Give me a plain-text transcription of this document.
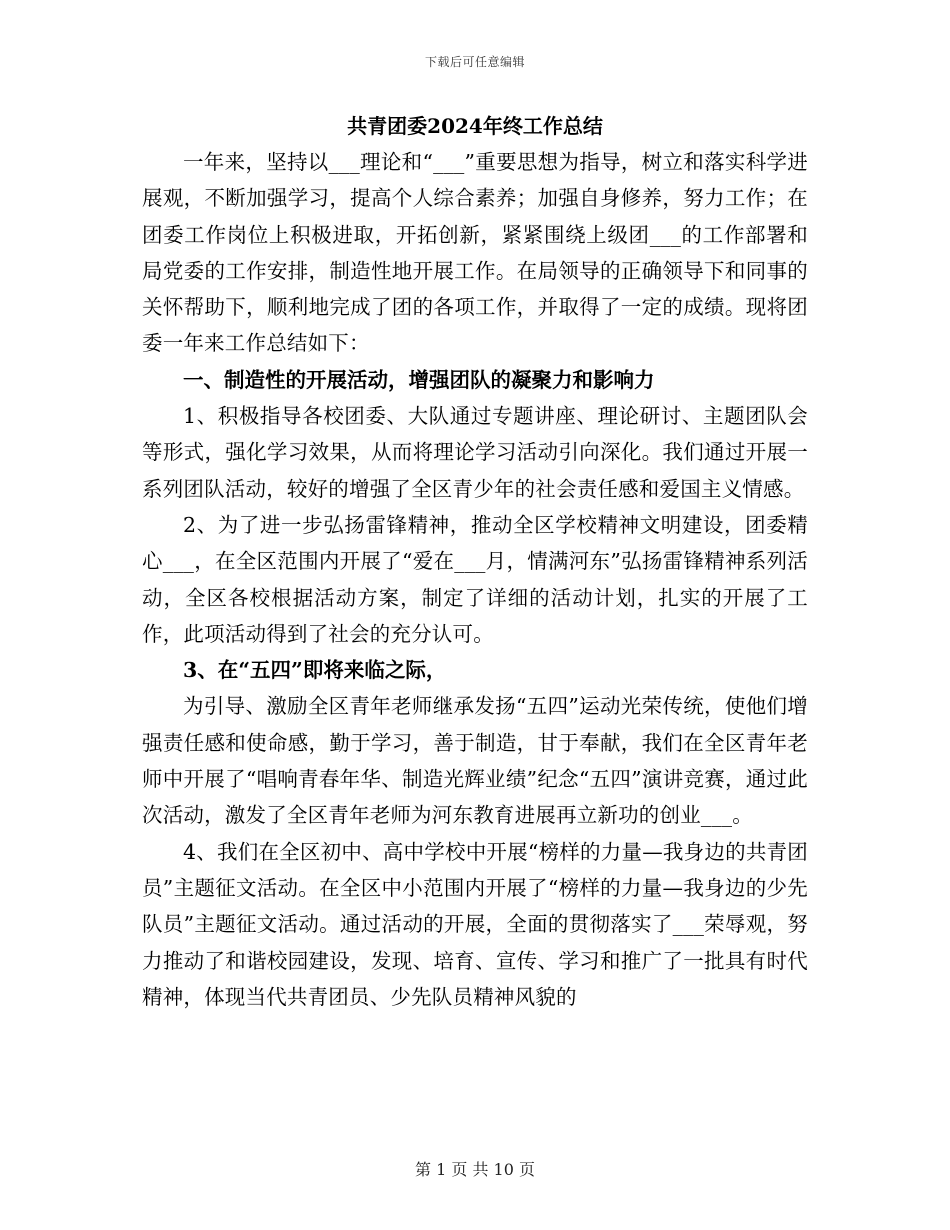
下载后可任意编辑
共青团委2024年终工作总结

一年来，坚持以___理论和“___”重要思想为指导，树立和落实科学进展观，不断加强学习，提高个人综合素养；加强自身修养，努力工作；在团委工作岗位上积极进取，开拓创新，紧紧围绕上级团___的工作部署和局党委的工作安排，制造性地开展工作。在局领导的正确领导下和同事的关怀帮助下，顺利地完成了团的各项工作，并取得了一定的成绩。现将团委一年来工作总结如下：

一、制造性的开展活动，增强团队的凝聚力和影响力

1、积极指导各校团委、大队通过专题讲座、理论研讨、主题团队会等形式，强化学习效果，从而将理论学习活动引向深化。我们通过开展一系列团队活动，较好的增强了全区青少年的社会责任感和爱国主义情感。

2、为了进一步弘扬雷锋精神，推动全区学校精神文明建设，团委精心___，在全区范围内开展了“爱在___月，情满河东”弘扬雷锋精神系列活动，全区各校根据活动方案，制定了详细的活动计划，扎实的开展了工作，此项活动得到了社会的充分认可。

3、在“五四”即将来临之际，

为引导、激励全区青年老师继承发扬“五四”运动光荣传统，使他们增强责任感和使命感，勤于学习，善于制造，甘于奉献，我们在全区青年老师中开展了“唱响青春年华、制造光辉业绩”纪念“五四”演讲竞赛，通过此次活动，激发了全区青年老师为河东教育进展再立新功的创业___。

4、我们在全区初中、高中学校中开展“榜样的力量—我身边的共青团员”主题征文活动。在全区中小范围内开展了“榜样的力量—我身边的少先队员”主题征文活动。通过活动的开展，全面的贯彻落实了___荣辱观，努力推动了和谐校园建设，发现、培育、宣传、学习和推广了一批具有时代精神，体现当代共青团员、少先队员精神风貌的

第 1 页 共 10 页
